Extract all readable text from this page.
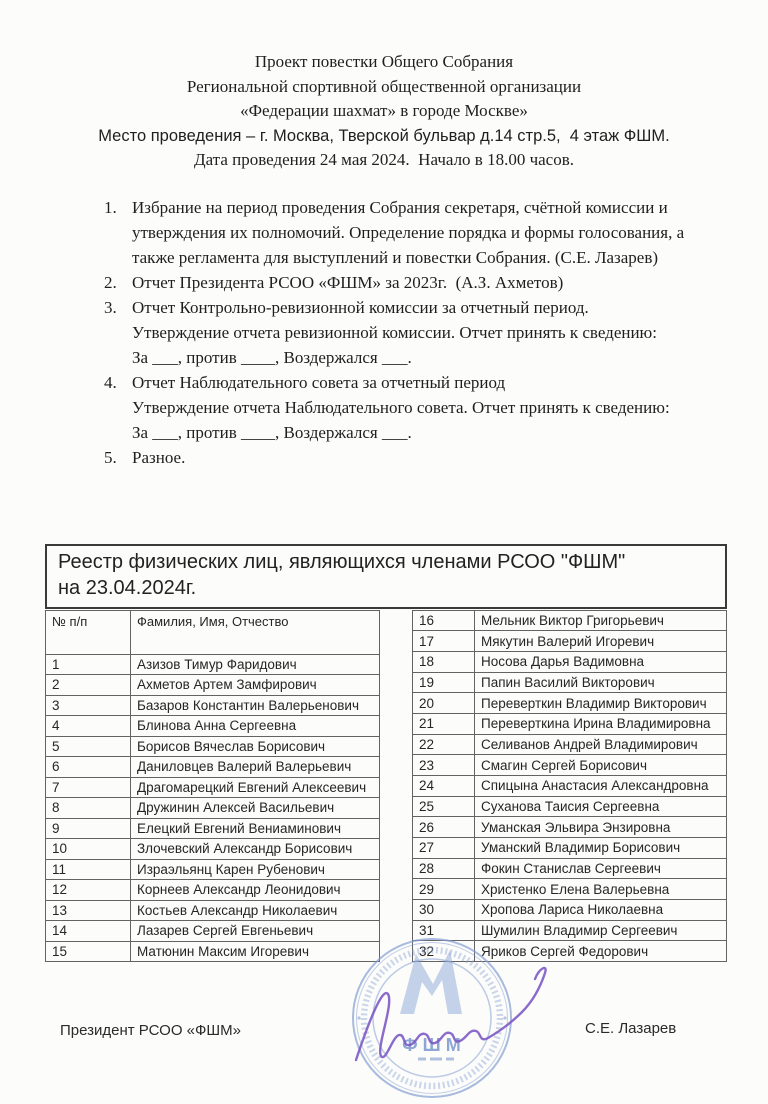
Проект повестки Общего Собрания
Региональной спортивной общественной организации
«Федерации шахмат» в городе Москве»
Место проведения – г. Москва, Тверской бульвар д.14 стр.5,  4 этаж ФШМ.
Дата проведения 24 мая 2024.  Начало в 18.00 часов.
1. Избрание на период проведения Собрания секретаря, счётной комиссии и
утверждения их полномочий. Определение порядка и формы голосования, а
также регламента для выступлений и повестки Собрания. (С.Е. Лазарев)
2. Отчет Президента РСОО «ФШМ» за 2023г.  (А.З. Ахметов)
3. Отчет Контрольно-ревизионной комиссии за отчетный период.
Утверждение отчета ревизионной комиссии. Отчет принять к сведению:
За ___, против ____, Воздержался ___.
4. Отчет Наблюдательного совета за отчетный период
Утверждение отчета Наблюдательного совета. Отчет принять к сведению:
За ___, против ____, Воздержался ___.
5. Разное.
Реестр физических лиц, являющихся членами РСОО "ФШМ"
на 23.04.2024г.
№ п/п	Фамилия, Имя, Отчество
1	Азизов Тимур Фаридович
2	Ахметов Артем Замфирович
3	Базаров Константин Валерьенович
4	Блинова Анна Сергеевна
5	Борисов Вячеслав Борисович
6	Даниловцев Валерий Валерьевич
7	Драгомарецкий Евгений Алексеевич
8	Дружинин Алексей Васильевич
9	Елецкий Евгений Вениаминович
10	Злочевский Александр Борисович
11	Израэльянц Карен Рубенович
12	Корнеев Александр Леонидович
13	Костьев Александр Николаевич
14	Лазарев Сергей Евгеньевич
15	Матюнин Максим Игоревич
16	Мельник Виктор Григорьевич
17	Мякутин Валерий Игоревич
18	Носова Дарья Вадимовна
19	Папин Василий Викторович
20	Переверткин Владимир Викторович
21	Переверткина Ирина Владимировна
22	Селиванов Андрей Владимирович
23	Смагин Сергей Борисович
24	Спицына Анастасия Александровна
25	Суханова Таисия Сергеевна
26	Уманская Эльвира Энзировна
27	Уманский Владимир Борисович
28	Фокин Станислав Сергеевич
29	Христенко Елена Валерьевна
30	Хропова Лариса Николаевна
31	Шумилин Владимир Сергеевич
32	Яриков Сергей Федорович
Президент РСОО «ФШМ»	С.Е. Лазарев
ФШМ
